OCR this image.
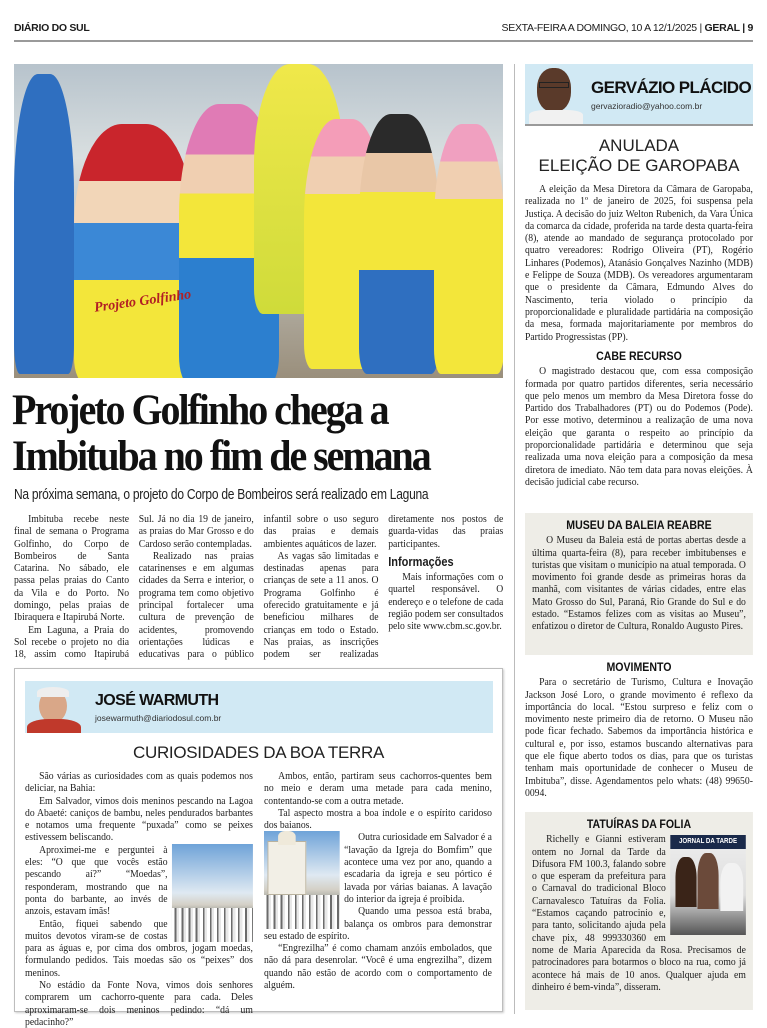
DIÁRIO DO SUL	SEXTA-FEIRA A DOMINGO, 10 A 12/1/2025 | GERAL | 9
Projeto Golfinho
Projeto Golfinho chega a
Imbituba no fim de semana
Na próxima semana, o projeto do Corpo de Bombeiros será realizado em Laguna

Imbituba recebe neste final de semana o Programa Golfinho, do Corpo de Bombeiros de Santa Catarina. No sábado, ele passa pelas praias do Canto da Vila e do Porto. No domingo, pelas praias de Ibiraquera e Itapirubá Norte.

Em Laguna, a Praia do Sol recebe o projeto no dia 18, assim como Itapirubá Sul. Já no dia 19 de janeiro, as praias do Mar Grosso e do Cardoso serão contempladas.

Realizado nas praias catarinenses e em algumas cidades da Serra e interior, o programa tem como objetivo principal fortalecer uma cultura de prevenção de acidentes, promovendo orientações lúdicas e educativas para o público infantil sobre o uso seguro das praias e demais ambientes aquáticos de lazer.

As vagas são limitadas e destinadas apenas para crianças de sete a 11 anos. O Programa Golfinho é oferecido gratuitamente e já beneficiou milhares de crianças em todo o Estado. Nas praias, as inscrições podem ser realizadas diretamente nos postos de guarda-vidas das praias participantes.

Informações

Mais informações com o quartel responsável. O endereço e o telefone de cada região podem ser consultados pelo site www.cbm.sc.gov.br.

JOSÉ WARMUTH
josewarmuth@diariodosul.com.br
CURIOSIDADES DA BOA TERRA

São várias as curiosidades com as quais podemos nos deliciar, na Bahia:

Em Salvador, vimos dois meninos pescando na Lagoa do Abaeté: caniços de bambu, neles pendurados barbantes e notamos uma frequente “puxada” como se peixes estivessem beliscando.

Aproximei-me e perguntei à eles: “O que que vocês estão pescando aí?” “Moedas”, responderam, mostrando que na ponta do barbante, ao invés de anzois, estavam ímãs!

Então, fiquei sabendo que muitos devotos viram-se de costas para as águas e, por cima dos ombros, jogam moedas, formulando pedidos. Tais moedas são os “peixes” dos meninos.

No estádio da Fonte Nova, vimos dois senhores comprarem um cachorro-quente para cada. Deles aproximaram-se dois meninos pedindo: “dá um pedacinho?”

Ambos, então, partiram seus cachorros-quentes bem no meio e deram uma metade para cada menino, contentando-se com a outra metade.

Tal aspecto mostra a boa índole e o espírito caridoso dos baianos.

Outra curiosidade em Salvador é a “lavação da Igreja do Bomfim” que acontece uma vez por ano, quando a escadaria da igreja e seu pórtico é lavada por várias baianas. A lavação do interior da igreja é proibida.

Quando uma pessoa está braba, balança os ombros para demonstrar seu estado de espírito.

“Engrezilha” é como chamam anzóis embolados, que não dá para desenrolar. “Você é uma engrezilha”, dizem quando não estão de acordo com o comportamento de alguém.

GERVÁZIO PLÁCIDO
gervazioradio@yahoo.com.br
ANULADA
ELEIÇÃO DE GAROPABA

A eleição da Mesa Diretora da Câmara de Garopaba, realizada no 1º de janeiro de 2025, foi suspensa pela Justiça. A decisão do juiz Welton Rubenich, da Vara Única da comarca da cidade, proferida na tarde desta quarta-feira (8), atende ao mandado de segurança protocolado por quatro vereadores: Rodrigo Oliveira (PT), Rogério Linhares (Podemos), Atanásio Gonçalves Nazinho (MDB) e Felippe de Souza (MDB). Os vereadores argumentaram que o presidente da Câmara, Edmundo Alves do Nascimento, teria violado o princípio da proporcionalidade e pluralidade partidária na composição da mesa, formada majoritariamente por membros do Partido Progressistas (PP).

CABE RECURSO

O magistrado destacou que, com essa composição formada por quatro partidos diferentes, seria necessário que pelo menos um membro da Mesa Diretora fosse do Partido dos Trabalhadores (PT) ou do Podemos (Pode). Por esse motivo, determinou a realização de uma nova eleição que garanta o respeito ao princípio da proporcionalidade partidária e determinou que seja realizada uma nova eleição para a composição da mesa diretora de imediato. Não tem data para novas eleições. À decisão judicial cabe recurso.

MUSEU DA BALEIA REABRE

O Museu da Baleia está de portas abertas desde a última quarta-feira (8), para receber imbitubenses e turistas que visitam o município na atual temporada. O movimento foi grande desde as primeiras horas da manhã, com visitantes de várias cidades, entre elas Mato Grosso do Sul, Paraná, Rio Grande do Sul e do estado. “Estamos felizes com as visitas ao Museu”, enfatizou o diretor de Cultura, Ronaldo Augusto Pires.

MOVIMENTO

Para o secretário de Turismo, Cultura e Inovação Jackson José Loro, o grande movimento é reflexo da importância do local. “Estou surpreso e feliz com o movimento neste primeiro dia de retorno. O Museu não pode ficar fechado. Sabemos da importância histórica e cultural e, por isso, estamos buscando alternativas para que ele fique aberto todos os dias, para que os turistas tenham mais oportunidade de conhecer o Museu de Imbituba”, disse. Agendamentos pelo whats: (48) 99650-0094.

TATUÍRAS DA FOLIA
JORNAL DA TARDE

Richelly e Gianni estiveram ontem no Jornal da Tarde da Difusora FM 100.3, falando sobre o que esperam da prefeitura para o Carnaval do tradicional Bloco Carnavalesco Tatuíras da Folia. “Estamos caçando patrocinio e, para tanto, solicitando ajuda pela chave pix, 48 999330360 em nome de Maria Aparecida da Rosa. Precisamos de patrocinadores para botarmos o bloco na rua, como já acontece há mais de 10 anos. Qualquer ajuda em dinheiro é bem-vinda”, disseram.
